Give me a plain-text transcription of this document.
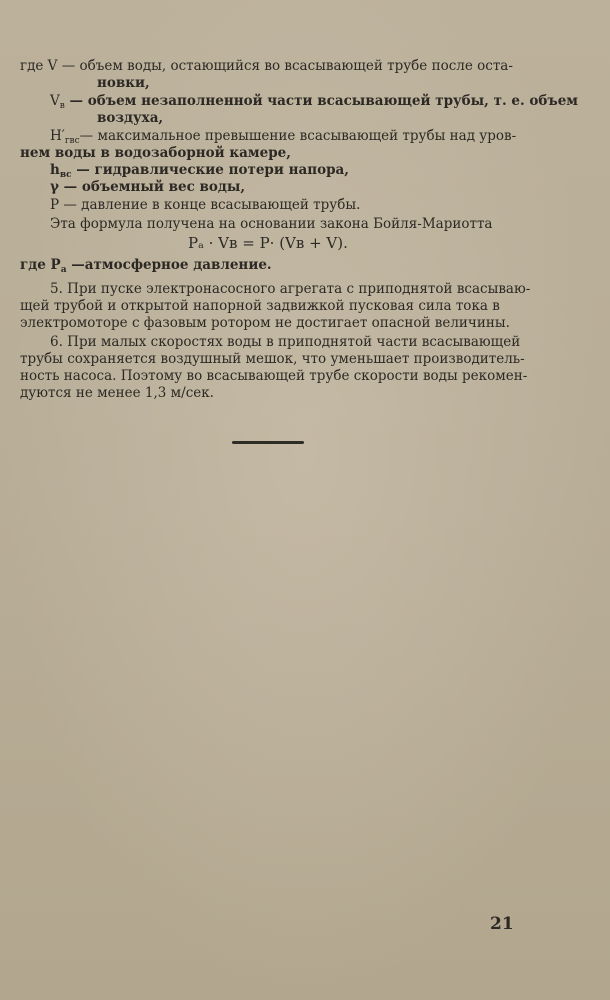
где V — объем воды, остающийся во всасывающей трубе после оста-
новки,
$V_в$ — объем незаполненной части всасывающей трубы, т. е. объем
воздуха,
$H'_{гвс}—$ максимальное превышение всасывающей трубы над уров-
нем воды в водозаборной камере,
$h_{вс}$ — гидравлические потери напора,
γ — объемный вес воды,
P — давление в конце всасывающей трубы.
Эта формула получена на основании закона Бойля-Мариотта
где $P_a$ —атмосферное давление.
5. При пуске электронасосного агрегата с приподнятой всасываю-
щей трубой и открытой напорной задвижкой пусковая сила тока в
электромоторе с фазовым ротором не достигает опасной величины.
6. При малых скоростях воды в приподнятой части всасывающей
трубы сохраняется воздушный мешок, что уменьшает производитель-
ность насоса. Поэтому во всасывающей трубе скорости воды рекомен-
дуются не менее 1,3 м/сек.
Pₐ · Vв = P· (Vв + V).
21
